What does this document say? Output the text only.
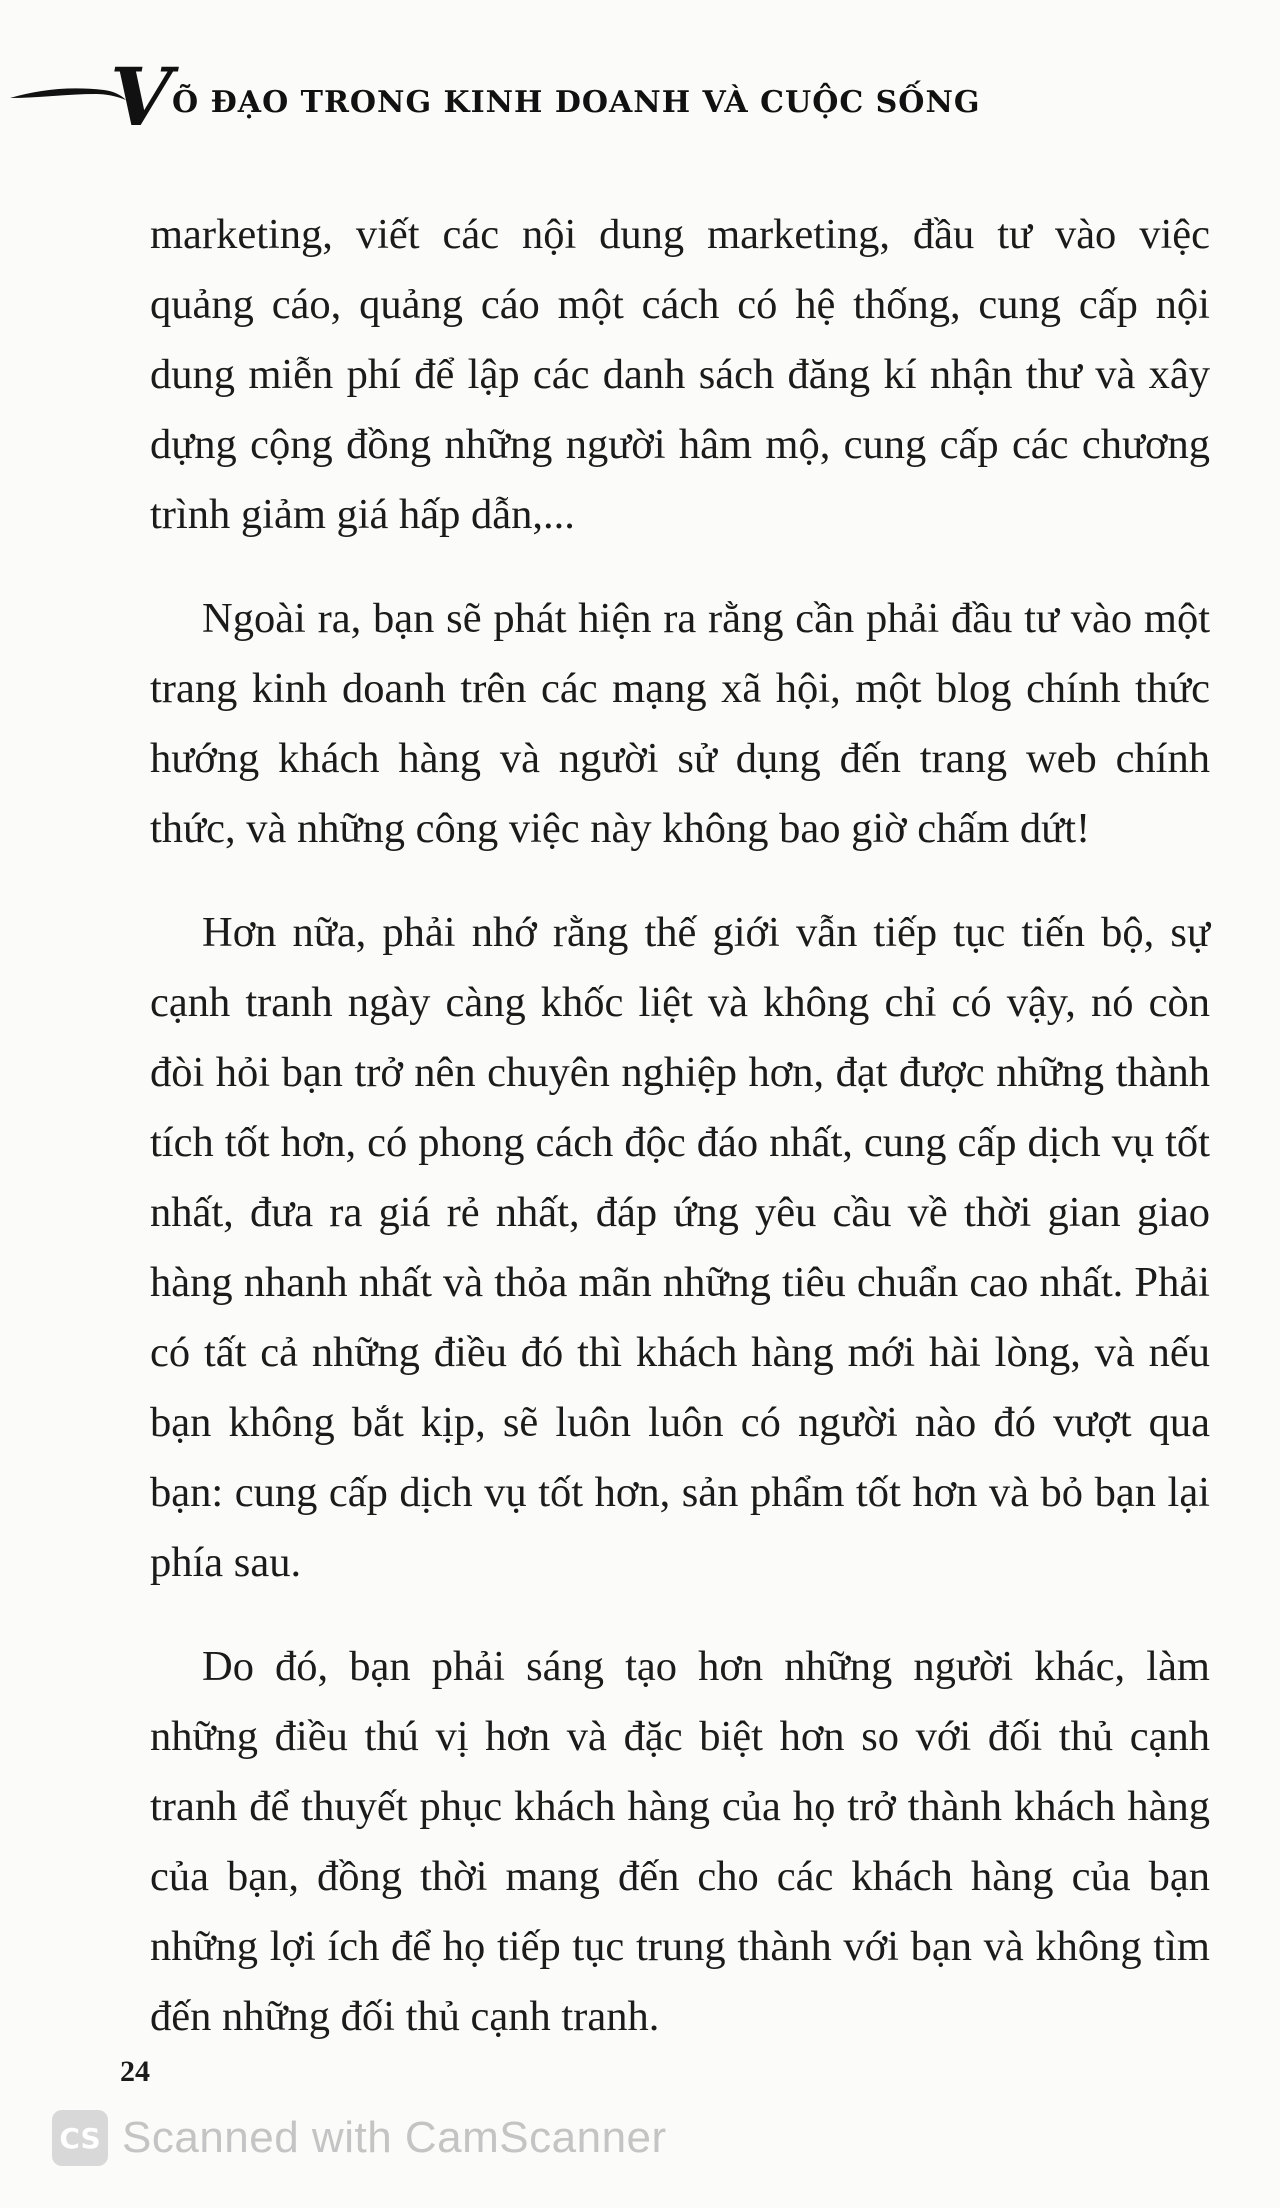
V Õ ĐẠO TRONG KINH DOANH VÀ CUỘC SỐNG

marketing, viết các nội dung marketing, đầu tư vào việc quảng cáo, quảng cáo một cách có hệ thống, cung cấp nội dung miễn phí để lập các danh sách đăng kí nhận thư và xây dựng cộng đồng những người hâm mộ, cung cấp các chương trình giảm giá hấp dẫn,...

Ngoài ra, bạn sẽ phát hiện ra rằng cần phải đầu tư vào một trang kinh doanh trên các mạng xã hội, một blog chính thức hướng khách hàng và người sử dụng đến trang web chính thức, và những công việc này không bao giờ chấm dứt!

Hơn nữa, phải nhớ rằng thế giới vẫn tiếp tục tiến bộ, sự cạnh tranh ngày càng khốc liệt và không chỉ có vậy, nó còn đòi hỏi bạn trở nên chuyên nghiệp hơn, đạt được những thành tích tốt hơn, có phong cách độc đáo nhất, cung cấp dịch vụ tốt nhất, đưa ra giá rẻ nhất, đáp ứng yêu cầu về thời gian giao hàng nhanh nhất và thỏa mãn những tiêu chuẩn cao nhất. Phải có tất cả những điều đó thì khách hàng mới hài lòng, và nếu bạn không bắt kịp, sẽ luôn luôn có người nào đó vượt qua bạn: cung cấp dịch vụ tốt hơn, sản phẩm tốt hơn và bỏ bạn lại phía sau.

Do đó, bạn phải sáng tạo hơn những người khác, làm những điều thú vị hơn và đặc biệt hơn so với đối thủ cạnh tranh để thuyết phục khách hàng của họ trở thành khách hàng của bạn, đồng thời mang đến cho các khách hàng của bạn những lợi ích để họ tiếp tục trung thành với bạn và không tìm đến những đối thủ cạnh tranh.

24
CS Scanned with CamScanner
